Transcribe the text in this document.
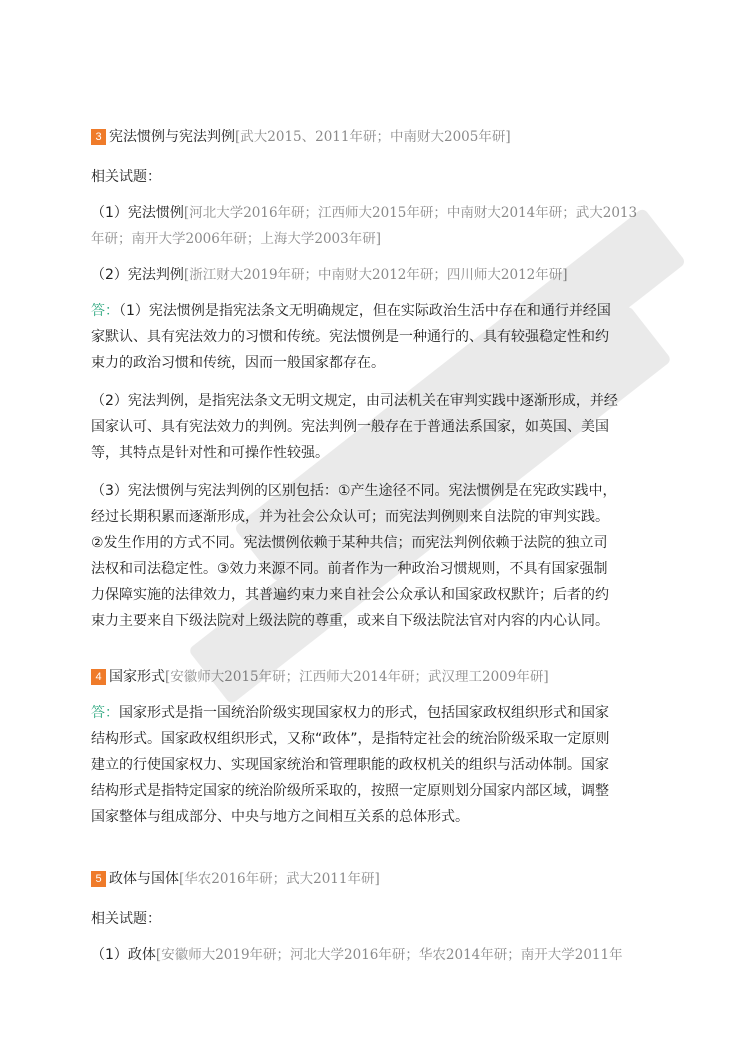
3 宪法惯例与宪法判例[武大2015、2011年研；中南财大2005年研]
相关试题：
（1）宪法惯例[河北大学2016年研；江西师大2015年研；中南财大2014年研；武大2013
年研；南开大学2006年研；上海大学2003年研]
（2）宪法判例[浙江财大2019年研；中南财大2012年研；四川师大2012年研]
答：（1）宪法惯例是指宪法条文无明确规定，但在实际政治生活中存在和通行并经国
家默认、具有宪法效力的习惯和传统。宪法惯例是一种通行的、具有较强稳定性和约
束力的政治习惯和传统，因而一般国家都存在。
（2）宪法判例，是指宪法条文无明文规定，由司法机关在审判实践中逐渐形成，并经
国家认可、具有宪法效力的判例。宪法判例一般存在于普通法系国家，如英国、美国
等，其特点是针对性和可操作性较强。
（3）宪法惯例与宪法判例的区别包括：①产生途径不同。宪法惯例是在宪政实践中，
经过长期积累而逐渐形成，并为社会公众认可；而宪法判例则来自法院的审判实践。
②发生作用的方式不同。宪法惯例依赖于某种共信；而宪法判例依赖于法院的独立司
法权和司法稳定性。③效力来源不同。前者作为一种政治习惯规则，不具有国家强制
力保障实施的法律效力，其普遍约束力来自社会公众承认和国家政权默许；后者的约
束力主要来自下级法院对上级法院的尊重，或来自下级法院法官对内容的内心认同。
4 国家形式[安徽师大2015年研；江西师大2014年研；武汉理工2009年研]
答：国家形式是指一国统治阶级实现国家权力的形式，包括国家政权组织形式和国家
结构形式。国家政权组织形式，又称“政体”，是指特定社会的统治阶级采取一定原则
建立的行使国家权力、实现国家统治和管理职能的政权机关的组织与活动体制。国家
结构形式是指特定国家的统治阶级所采取的，按照一定原则划分国家内部区域，调整
国家整体与组成部分、中央与地方之间相互关系的总体形式。
5 政体与国体[华农2016年研；武大2011年研]
相关试题：
（1）政体[安徽师大2019年研；河北大学2016年研；华农2014年研；南开大学2011年
